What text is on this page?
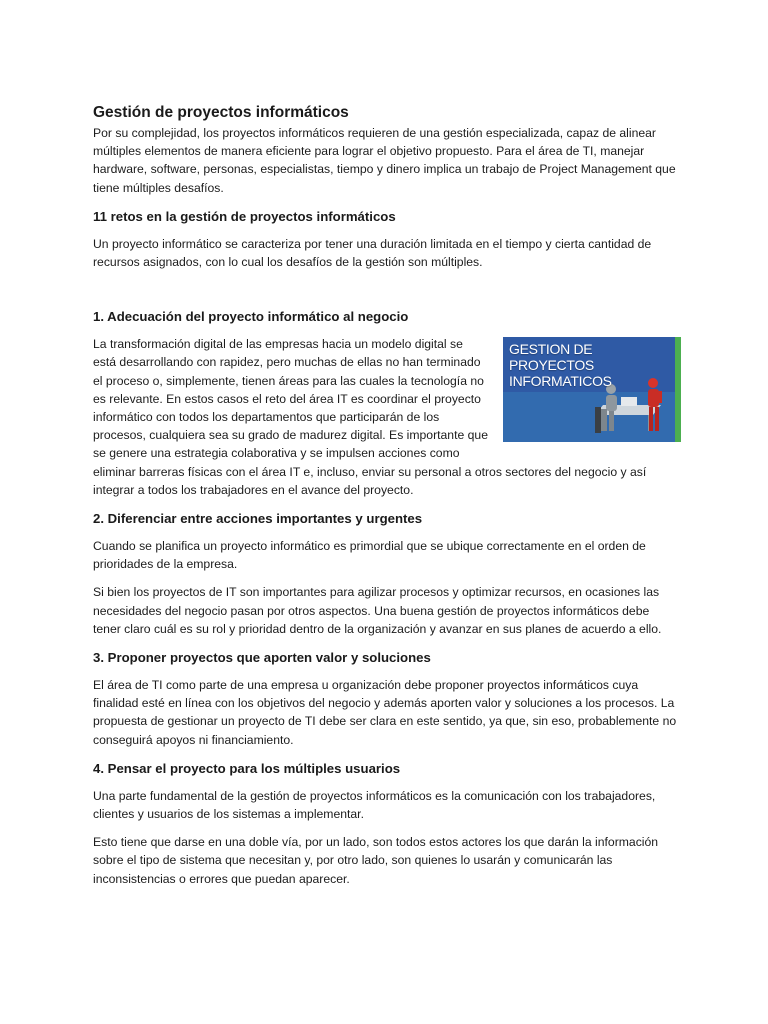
Gestión de proyectos informáticos

Por su complejidad, los proyectos informáticos requieren de una gestión especializada, capaz de alinear múltiples elementos de manera eficiente para lograr el objetivo propuesto. Para el área de TI, manejar hardware, software, personas, especialistas, tiempo y dinero implica un trabajo de Project Management que tiene múltiples desafíos.

11 retos en la gestión de proyectos informáticos

Un proyecto informático se caracteriza por tener una duración limitada en el tiempo y cierta cantidad de recursos asignados, con lo cual los desafíos de la gestión son múltiples.

1. Adecuación del proyecto informático al negocio
GESTION DE
PROYECTOS
INFORMATICOS

La transformación digital de las empresas hacia un modelo digital se está desarrollando con rapidez, pero muchas de ellas no han terminado el proceso o, simplemente, tienen áreas para las cuales la tecnología no es relevante. En estos casos el reto del área IT es coordinar el proyecto informático con todos los departamentos que participarán de los procesos, cualquiera sea su grado de madurez digital. Es importante que se genere una estrategia colaborativa y se impulsen acciones como eliminar barreras físicas con el área IT e, incluso, enviar su personal a otros sectores del negocio y así integrar a todos los trabajadores en el avance del proyecto.

2. Diferenciar entre acciones importantes y urgentes

Cuando se planifica un proyecto informático es primordial que se ubique correctamente en el orden de prioridades de la empresa.

Si bien los proyectos de IT son importantes para agilizar procesos y optimizar recursos, en ocasiones las necesidades del negocio pasan por otros aspectos. Una buena gestión de proyectos informáticos debe tener claro cuál es su rol y prioridad dentro de la organización y avanzar en sus planes de acuerdo a ello.

3. Proponer proyectos que aporten valor y soluciones

El área de TI como parte de una empresa u organización debe proponer proyectos informáticos cuya finalidad esté en línea con los objetivos del negocio y además aporten valor y soluciones a los procesos. La propuesta de gestionar un proyecto de TI debe ser clara en este sentido, ya que, sin eso, probablemente no conseguirá apoyos ni financiamiento.

4. Pensar el proyecto para los múltiples usuarios

Una parte fundamental de la gestión de proyectos informáticos es la comunicación con los trabajadores, clientes y usuarios de los sistemas a implementar.

Esto tiene que darse en una doble vía, por un lado, son todos estos actores los que darán la información sobre el tipo de sistema que necesitan y, por otro lado, son quienes lo usarán y comunicarán las inconsistencias o errores que puedan aparecer.
